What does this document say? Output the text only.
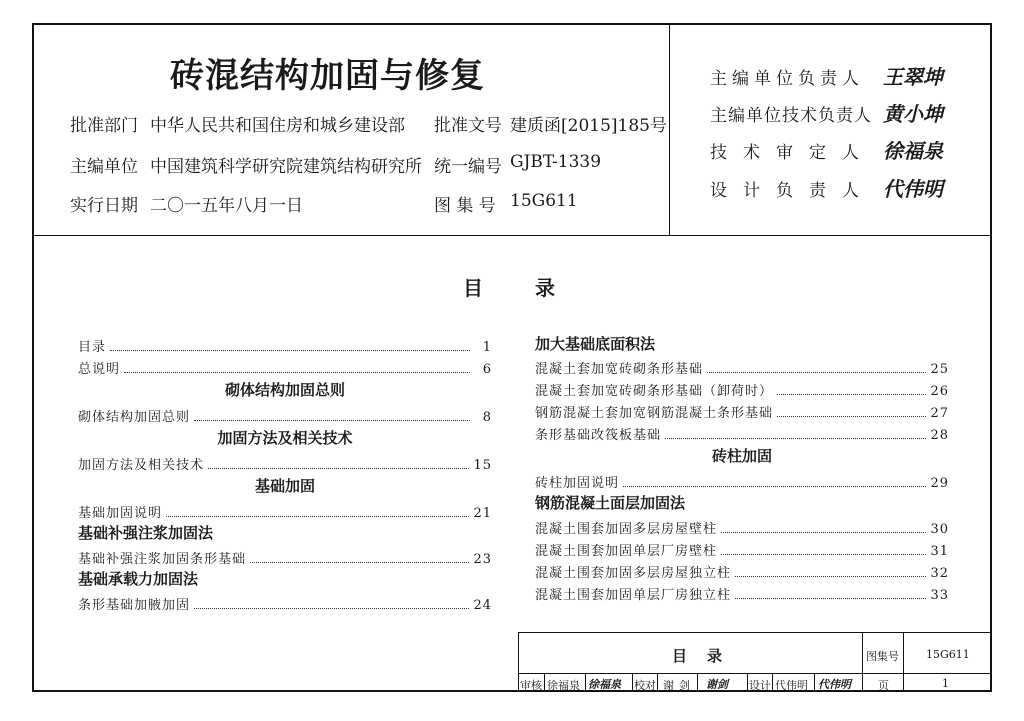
砖混结构加固与修复
批准部门 中华人民共和国住房和城乡建设部
主编单位 中国建筑科学研究院建筑结构研究所
实行日期 二〇一五年八月一日
批准文号 建质函[2015]185号
统一编号 GJBT-1339
图 集 号 15G611
主编单位负责人 王翠坤
主编单位技术负责人 黄小坤
技术审定人 徐福泉
设计负责人 代伟明
目录
目录	1
总说明	6
砌体结构加固总则
砌体结构加固总则	8
加固方法及相关技术
加固方法及相关技术	15
基础加固
基础加固说明	21
基础补强注浆加固法
基础补强注浆加固条形基础	23
基础承载力加固法
条形基础加腋加固	24
加大基础底面积法
混凝土套加宽砖砌条形基础	25
混凝土套加宽砖砌条形基础（卸荷时）	26
钢筋混凝土套加宽钢筋混凝土条形基础	27
条形基础改筏板基础	28
砖柱加固
砖柱加固说明	29
钢筋混凝土面层加固法
混凝土围套加固多层房屋壁柱	30
混凝土围套加固单层厂房壁柱	31
混凝土围套加固多层房屋独立柱	32
混凝土围套加固单层厂房独立柱	33
目录	图集号 15G611
审核 徐福泉 徐福泉 校对 谢剑 谢剑 设计 代伟明 代伟明 页	1
